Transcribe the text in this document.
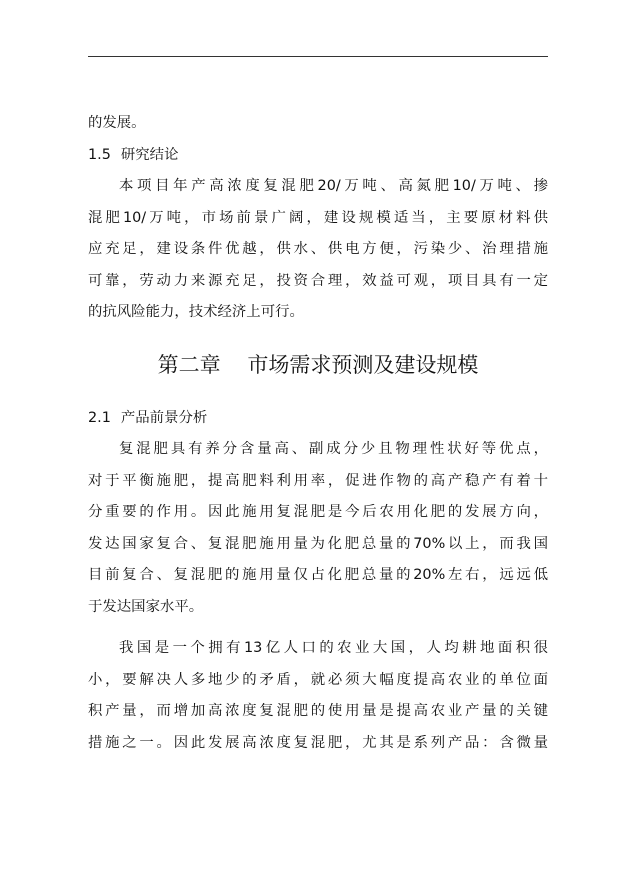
的发展。
1.5 研究结论
本项目年产高浓度复混肥20/万吨、高氮肥10/万吨、掺
混肥10/万吨，市场前景广阔，建设规模适当，主要原材料供
应充足，建设条件优越，供水、供电方便，污染少、治理措施
可靠，劳动力来源充足，投资合理，效益可观，项目具有一定
的抗风险能力，技术经济上可行。
第二章    市场需求预测及建设规模
2.1 产品前景分析
复混肥具有养分含量高、副成分少且物理性状好等优点，
对于平衡施肥，提高肥料利用率，促进作物的高产稳产有着十
分重要的作用。因此施用复混肥是今后农用化肥的发展方向，
发达国家复合、复混肥施用量为化肥总量的70%以上，而我国
目前复合、复混肥的施用量仅占化肥总量的20%左右，远远低
于发达国家水平。
我国是一个拥有13亿人口的农业大国，人均耕地面积很
小，要解决人多地少的矛盾，就必须大幅度提高农业的单位面
积产量，而增加高浓度复混肥的使用量是提高农业产量的关键
措施之一。因此发展高浓度复混肥，尤其是系列产品：含微量
